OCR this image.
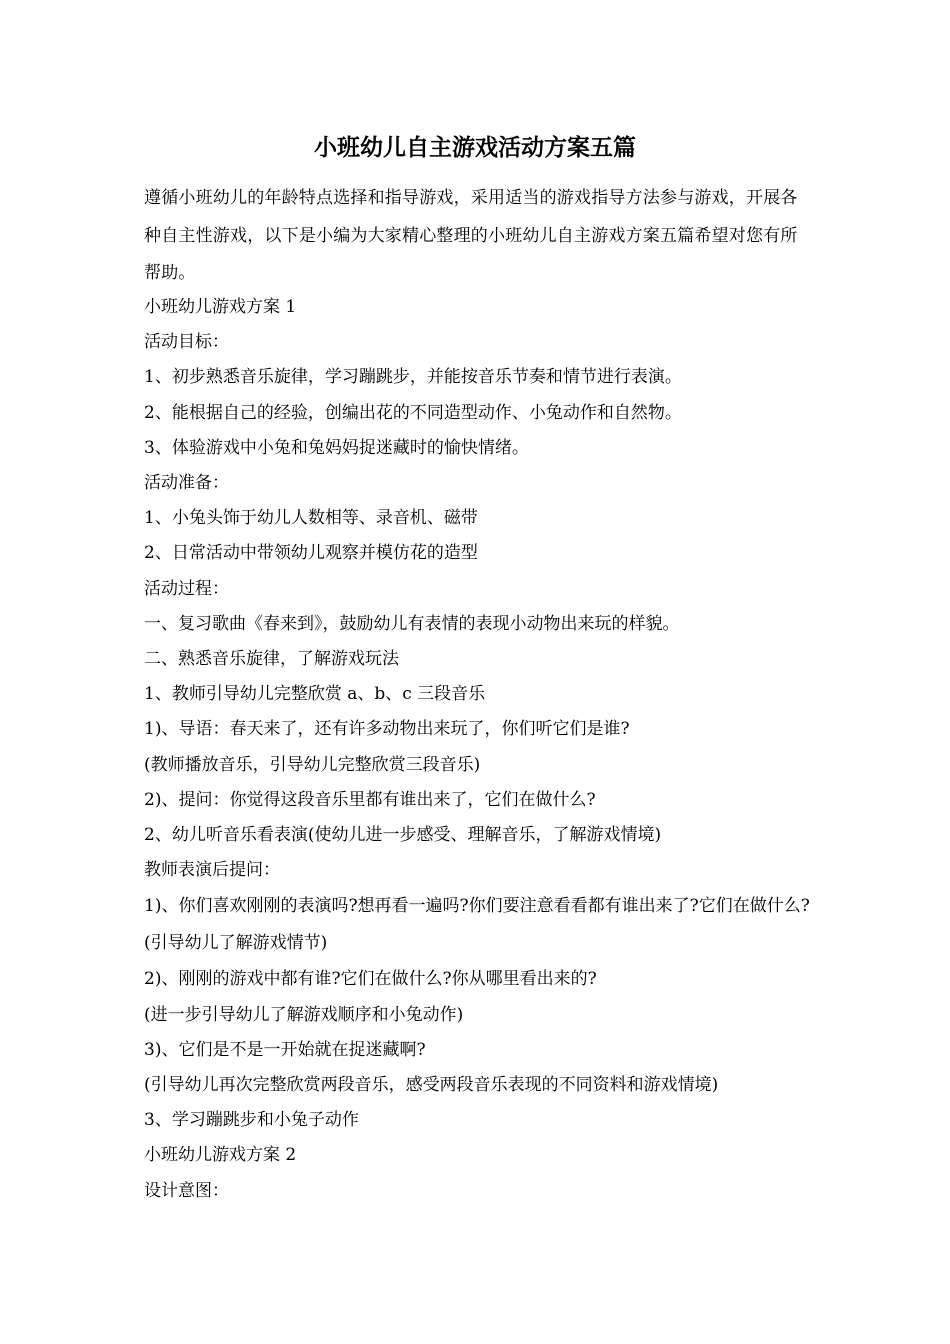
小班幼儿自主游戏活动方案五篇

遵循小班幼儿的年龄特点选择和指导游戏，采用适当的游戏指导方法参与游戏，开展各种自主性游戏，以下是小编为大家精心整理的小班幼儿自主游戏方案五篇希望对您有所帮助。

小班幼儿游戏方案 1
活动目标：
1、初步熟悉音乐旋律，学习蹦跳步，并能按音乐节奏和情节进行表演。
2、能根据自己的经验，创编出花的不同造型动作、小兔动作和自然物。
3、体验游戏中小兔和兔妈妈捉迷藏时的愉快情绪。
活动准备：
1、小兔头饰于幼儿人数相等、录音机、磁带
2、日常活动中带领幼儿观察并模仿花的造型
活动过程：
一、复习歌曲《春来到》，鼓励幼儿有表情的表现小动物出来玩的样貌。
二、熟悉音乐旋律，了解游戏玩法
1、教师引导幼儿完整欣赏 a、b、c 三段音乐
1)、导语：春天来了，还有许多动物出来玩了，你们听它们是谁?
(教师播放音乐，引导幼儿完整欣赏三段音乐)
2)、提问：你觉得这段音乐里都有谁出来了，它们在做什么?
2、幼儿听音乐看表演(使幼儿进一步感受、理解音乐，了解游戏情境)
教师表演后提问：
1)、你们喜欢刚刚的表演吗?想再看一遍吗?你们要注意看看都有谁出来了?它们在做什么?(引导幼儿了解游戏情节)
2)、刚刚的游戏中都有谁?它们在做什么?你从哪里看出来的?
(进一步引导幼儿了解游戏顺序和小兔动作)
3)、它们是不是一开始就在捉迷藏啊?
(引导幼儿再次完整欣赏两段音乐，感受两段音乐表现的不同资料和游戏情境)
3、学习蹦跳步和小兔子动作
小班幼儿游戏方案 2
设计意图：
